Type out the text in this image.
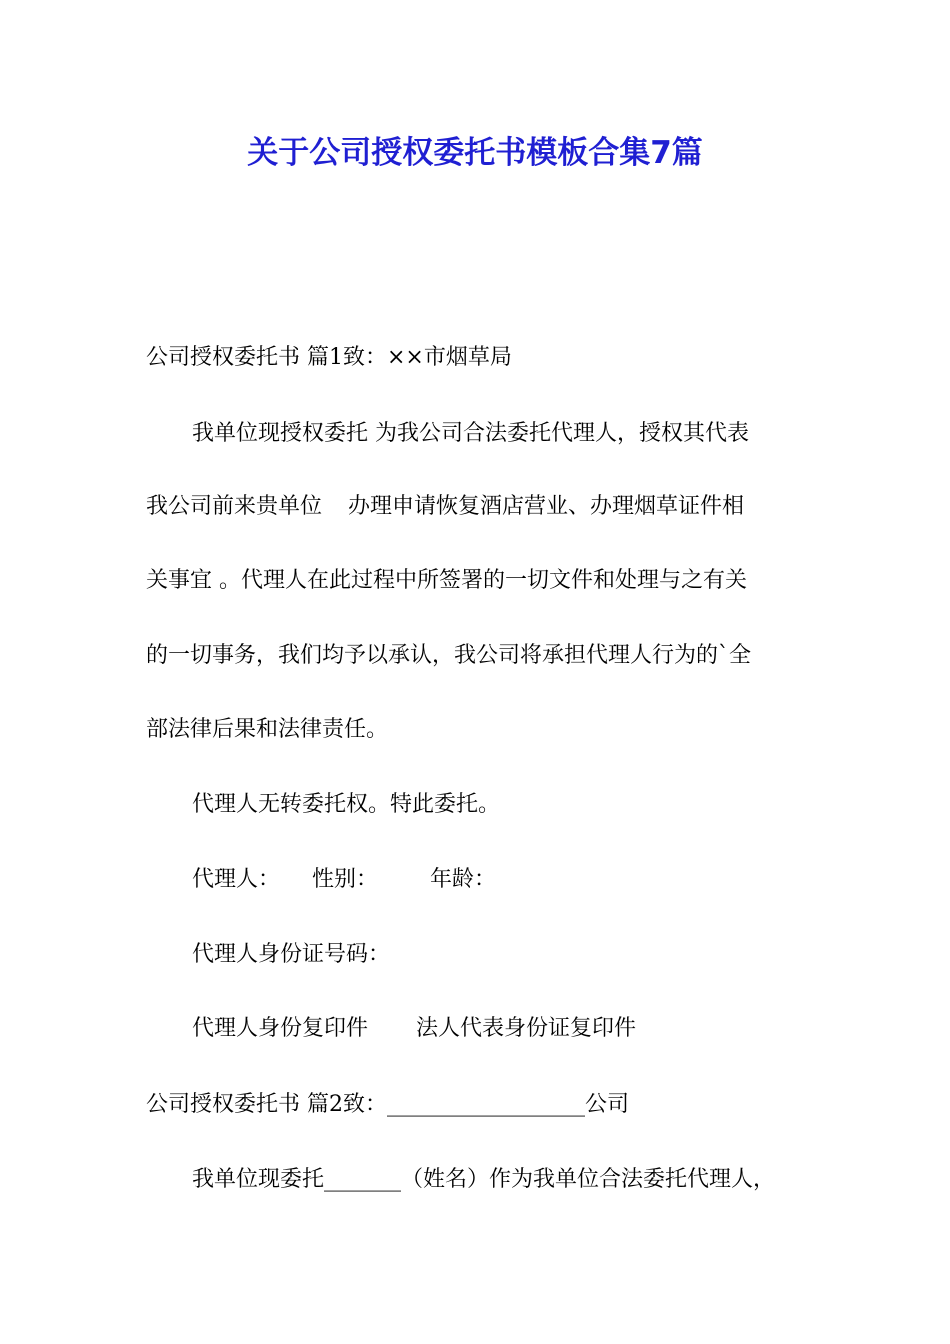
关于公司授权委托书模板合集7篇
公司授权委托书 篇1致：××市烟草局
我单位现授权委托 为我公司合法委托代理人，授权其代表
我公司前来贵单位 办理申请恢复酒店营业、办理烟草证件相
关事宜 。代理人在此过程中所签署的一切文件和处理与之有关
的一切事务，我们均予以承认，我公司将承担代理人行为的`全
部法律后果和法律责任。
代理人无转委托权。特此委托。
代理人： 性别： 年龄：
代理人身份证号码：
代理人身份复印件 法人代表身份证复印件
公司授权委托书 篇2致：__________________公司
我单位现委托_______（姓名）作为我单位合法委托代理人，
